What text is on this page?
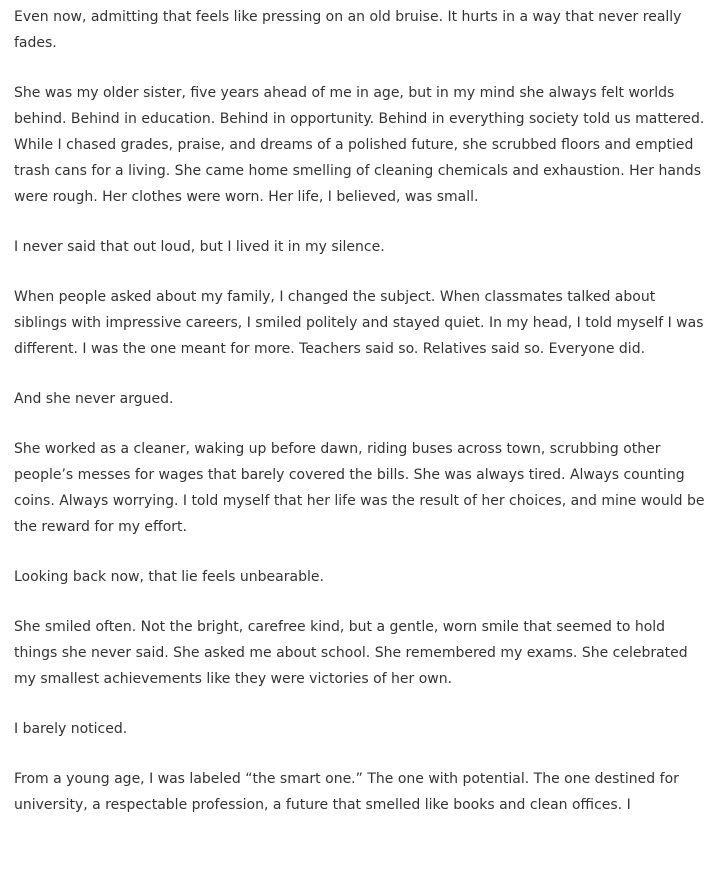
Even now, admitting that feels like pressing on an old bruise. It hurts in a way that never really fades.

She was my older sister, five years ahead of me in age, but in my mind she always felt worlds behind. Behind in education. Behind in opportunity. Behind in everything society told us mattered. While I chased grades, praise, and dreams of a polished future, she scrubbed floors and emptied trash cans for a living. She came home smelling of cleaning chemicals and exhaustion. Her hands were rough. Her clothes were worn. Her life, I believed, was small.

I never said that out loud, but I lived it in my silence.

When people asked about my family, I changed the subject. When classmates talked about siblings with impressive careers, I smiled politely and stayed quiet. In my head, I told myself I was different. I was the one meant for more. Teachers said so. Relatives said so. Everyone did.

And she never argued.

She worked as a cleaner, waking up before dawn, riding buses across town, scrubbing other people’s messes for wages that barely covered the bills. She was always tired. Always counting coins. Always worrying. I told myself that her life was the result of her choices, and mine would be the reward for my effort.

Looking back now, that lie feels unbearable.

She smiled often. Not the bright, carefree kind, but a gentle, worn smile that seemed to hold things she never said. She asked me about school. She remembered my exams. She celebrated my smallest achievements like they were victories of her own.

I barely noticed.

From a young age, I was labeled “the smart one.” The one with potential. The one destined for university, a respectable profession, a future that smelled like books and clean offices. I
